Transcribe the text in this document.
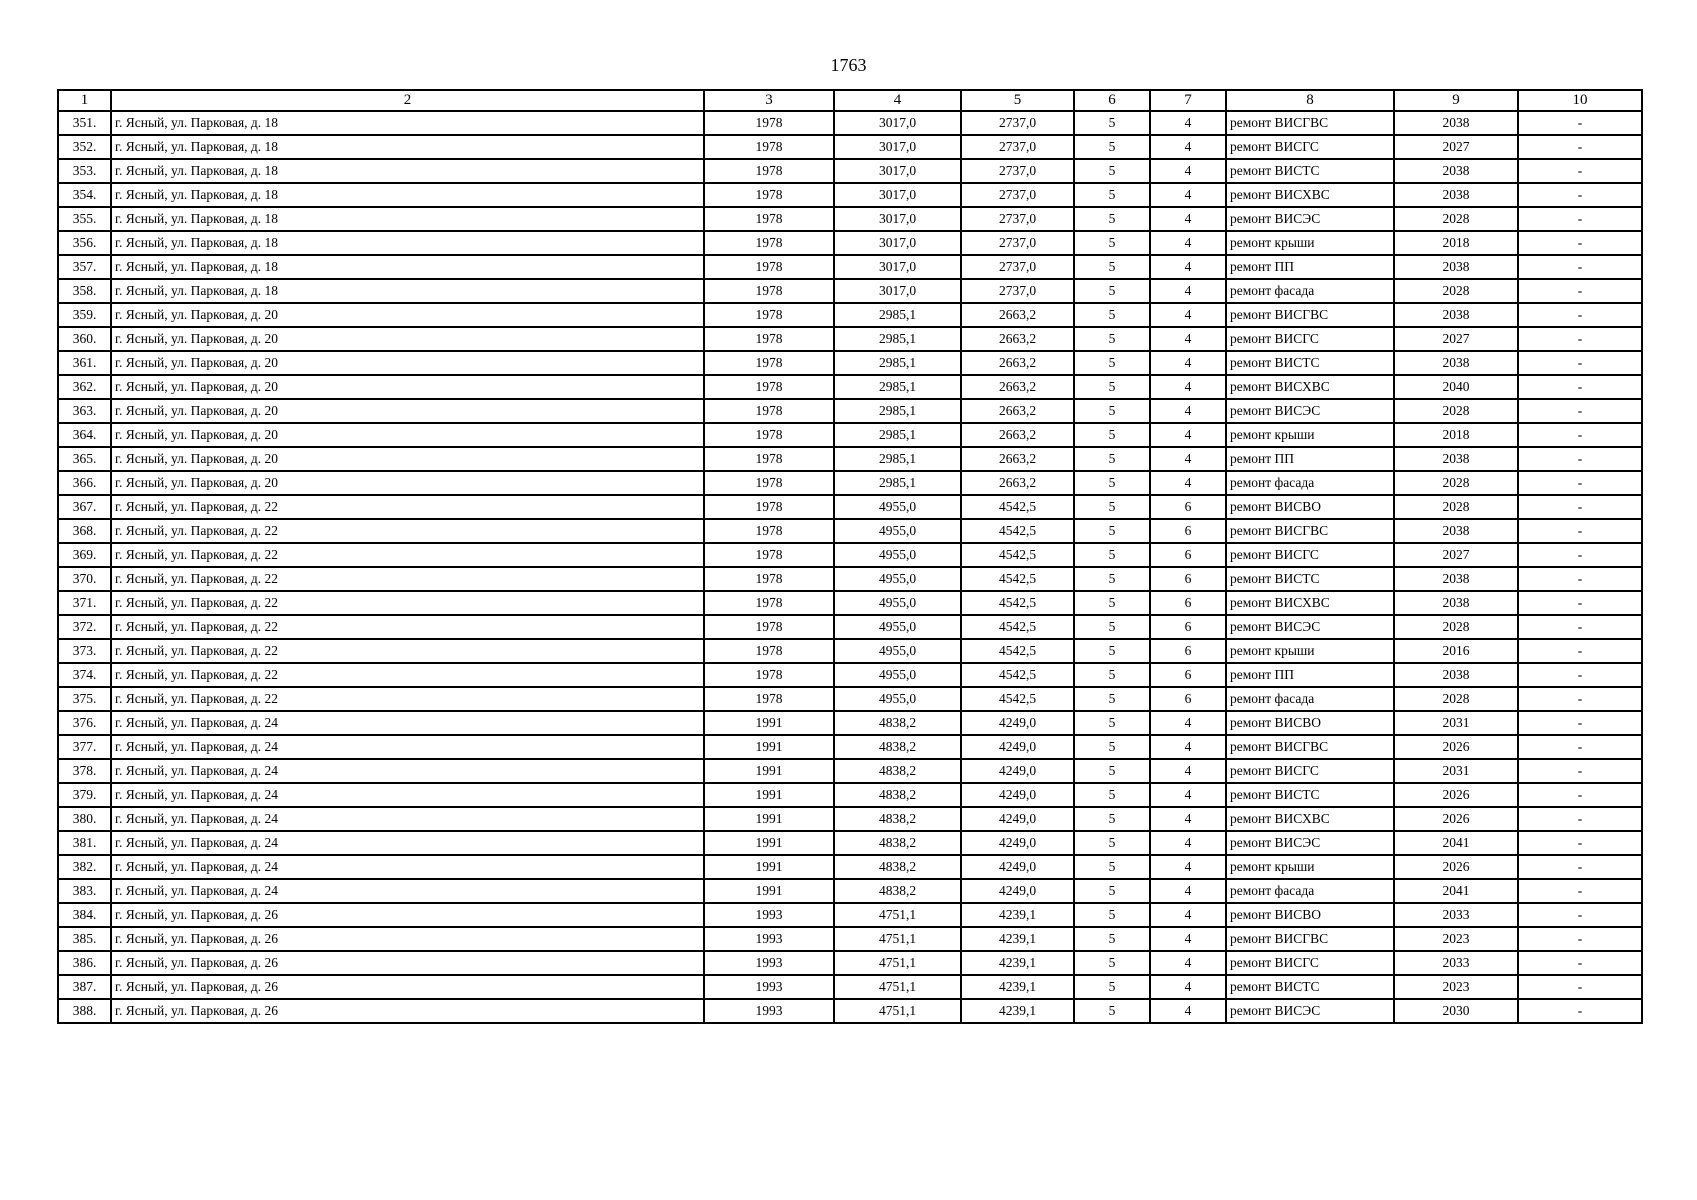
1763
1	2	3	4	5	6	7	8	9	10
351.	г. Ясный, ул. Парковая, д. 18	1978	3017,0	2737,0	5	4	ремонт ВИСГВС	2038	-
352.	г. Ясный, ул. Парковая, д. 18	1978	3017,0	2737,0	5	4	ремонт ВИСГС	2027	-
353.	г. Ясный, ул. Парковая, д. 18	1978	3017,0	2737,0	5	4	ремонт ВИСТС	2038	-
354.	г. Ясный, ул. Парковая, д. 18	1978	3017,0	2737,0	5	4	ремонт ВИСХВС	2038	-
355.	г. Ясный, ул. Парковая, д. 18	1978	3017,0	2737,0	5	4	ремонт ВИСЭС	2028	-
356.	г. Ясный, ул. Парковая, д. 18	1978	3017,0	2737,0	5	4	ремонт крыши	2018	-
357.	г. Ясный, ул. Парковая, д. 18	1978	3017,0	2737,0	5	4	ремонт ПП	2038	-
358.	г. Ясный, ул. Парковая, д. 18	1978	3017,0	2737,0	5	4	ремонт фасада	2028	-
359.	г. Ясный, ул. Парковая, д. 20	1978	2985,1	2663,2	5	4	ремонт ВИСГВС	2038	-
360.	г. Ясный, ул. Парковая, д. 20	1978	2985,1	2663,2	5	4	ремонт ВИСГС	2027	-
361.	г. Ясный, ул. Парковая, д. 20	1978	2985,1	2663,2	5	4	ремонт ВИСТС	2038	-
362.	г. Ясный, ул. Парковая, д. 20	1978	2985,1	2663,2	5	4	ремонт ВИСХВС	2040	-
363.	г. Ясный, ул. Парковая, д. 20	1978	2985,1	2663,2	5	4	ремонт ВИСЭС	2028	-
364.	г. Ясный, ул. Парковая, д. 20	1978	2985,1	2663,2	5	4	ремонт крыши	2018	-
365.	г. Ясный, ул. Парковая, д. 20	1978	2985,1	2663,2	5	4	ремонт ПП	2038	-
366.	г. Ясный, ул. Парковая, д. 20	1978	2985,1	2663,2	5	4	ремонт фасада	2028	-
367.	г. Ясный, ул. Парковая, д. 22	1978	4955,0	4542,5	5	6	ремонт ВИСВО	2028	-
368.	г. Ясный, ул. Парковая, д. 22	1978	4955,0	4542,5	5	6	ремонт ВИСГВС	2038	-
369.	г. Ясный, ул. Парковая, д. 22	1978	4955,0	4542,5	5	6	ремонт ВИСГС	2027	-
370.	г. Ясный, ул. Парковая, д. 22	1978	4955,0	4542,5	5	6	ремонт ВИСТС	2038	-
371.	г. Ясный, ул. Парковая, д. 22	1978	4955,0	4542,5	5	6	ремонт ВИСХВС	2038	-
372.	г. Ясный, ул. Парковая, д. 22	1978	4955,0	4542,5	5	6	ремонт ВИСЭС	2028	-
373.	г. Ясный, ул. Парковая, д. 22	1978	4955,0	4542,5	5	6	ремонт крыши	2016	-
374.	г. Ясный, ул. Парковая, д. 22	1978	4955,0	4542,5	5	6	ремонт ПП	2038	-
375.	г. Ясный, ул. Парковая, д. 22	1978	4955,0	4542,5	5	6	ремонт фасада	2028	-
376.	г. Ясный, ул. Парковая, д. 24	1991	4838,2	4249,0	5	4	ремонт ВИСВО	2031	-
377.	г. Ясный, ул. Парковая, д. 24	1991	4838,2	4249,0	5	4	ремонт ВИСГВС	2026	-
378.	г. Ясный, ул. Парковая, д. 24	1991	4838,2	4249,0	5	4	ремонт ВИСГС	2031	-
379.	г. Ясный, ул. Парковая, д. 24	1991	4838,2	4249,0	5	4	ремонт ВИСТС	2026	-
380.	г. Ясный, ул. Парковая, д. 24	1991	4838,2	4249,0	5	4	ремонт ВИСХВС	2026	-
381.	г. Ясный, ул. Парковая, д. 24	1991	4838,2	4249,0	5	4	ремонт ВИСЭС	2041	-
382.	г. Ясный, ул. Парковая, д. 24	1991	4838,2	4249,0	5	4	ремонт крыши	2026	-
383.	г. Ясный, ул. Парковая, д. 24	1991	4838,2	4249,0	5	4	ремонт фасада	2041	-
384.	г. Ясный, ул. Парковая, д. 26	1993	4751,1	4239,1	5	4	ремонт ВИСВО	2033	-
385.	г. Ясный, ул. Парковая, д. 26	1993	4751,1	4239,1	5	4	ремонт ВИСГВС	2023	-
386.	г. Ясный, ул. Парковая, д. 26	1993	4751,1	4239,1	5	4	ремонт ВИСГС	2033	-
387.	г. Ясный, ул. Парковая, д. 26	1993	4751,1	4239,1	5	4	ремонт ВИСТС	2023	-
388.	г. Ясный, ул. Парковая, д. 26	1993	4751,1	4239,1	5	4	ремонт ВИСЭС	2030	-
